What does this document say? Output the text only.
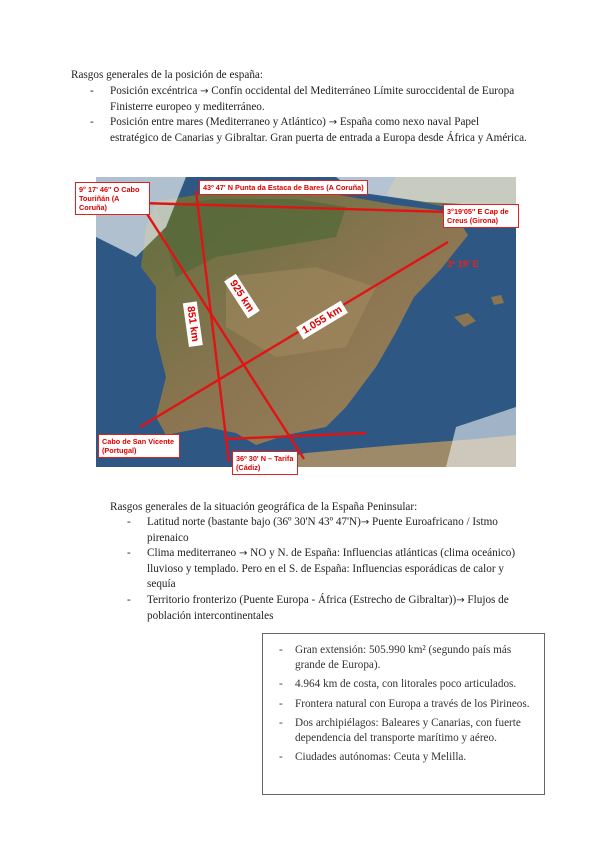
Rasgos generales de la posición de españa:
- Posición excéntrica → Confín occidental del Mediterráneo Límite suroccidental de Europa Finisterre europeo y mediterráneo.
- Posición entre mares (Mediterraneo y Atlántico) → España como nexo naval Papel estratégico de Canarias y Gibraltar. Gran puerta de entrada a Europa desde África y América.
43º 47' N Punta da Estaca de Bares (A Coruña)
9° 17' 46'' O Cabo Touriñán (A Coruña)	3°19'05'' E Cap de Creus (Girona)
3º 19' E
Cabo de San Vicente (Portugal)
36º 30' N – Tarifa (Cádiz)
851 km
925 km
1.055 km
Rasgos generales de la situación geográfica de la España Peninsular:
- Latitud norte (bastante bajo (36º 30'N 43º 47'N)→ Puente Euroafricano / Istmo pirenaico
- Clima mediterraneo → NO y N. de España: Influencias atlánticas (clima oceánico) lluvioso y templado. Pero en el S. de España: Influencias esporádicas de calor y sequía
- Territorio fronterizo (Puente Europa - África (Estrecho de Gibraltar))→ Flujos de población intercontinentales
- Gran extensión: 505.990 km² (segundo país más grande de Europa).
- 4.964 km de costa, con litorales poco articulados.
- Frontera natural con Europa a través de los Pirineos.
- Dos archipiélagos: Baleares y Canarias, con fuerte dependencia del transporte marítimo y aéreo.
- Ciudades autónomas: Ceuta y Melilla.
